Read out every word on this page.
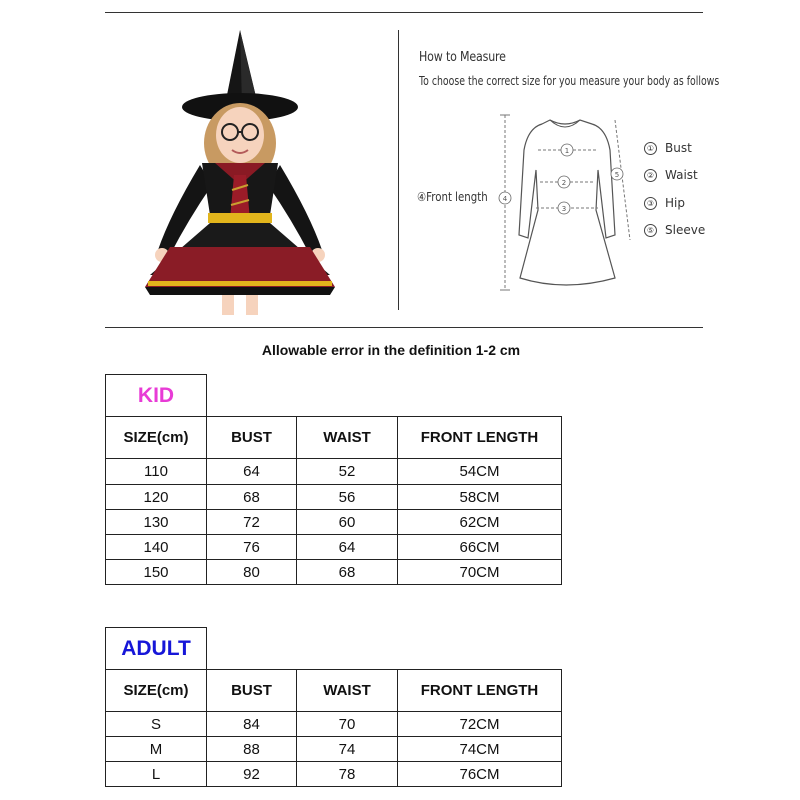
How to Measure
To choose the correct size for you measure your body as follows
1
2
3
4
5
④Front length
① Bust
② Waist
③ Hip
⑤ Sleeve
Allowable error in the definition 1-2 cm
KID			
SIZE(cm)	BUST	WAIST	FRONT LENGTH
110	64	52	54CM
120	68	56	58CM
130	72	60	62CM
140	76	64	66CM
150	80	68	70CM
ADULT			
SIZE(cm)	BUST	WAIST	FRONT LENGTH
S	84	70	72CM
M	88	74	74CM
L	92	78	76CM
